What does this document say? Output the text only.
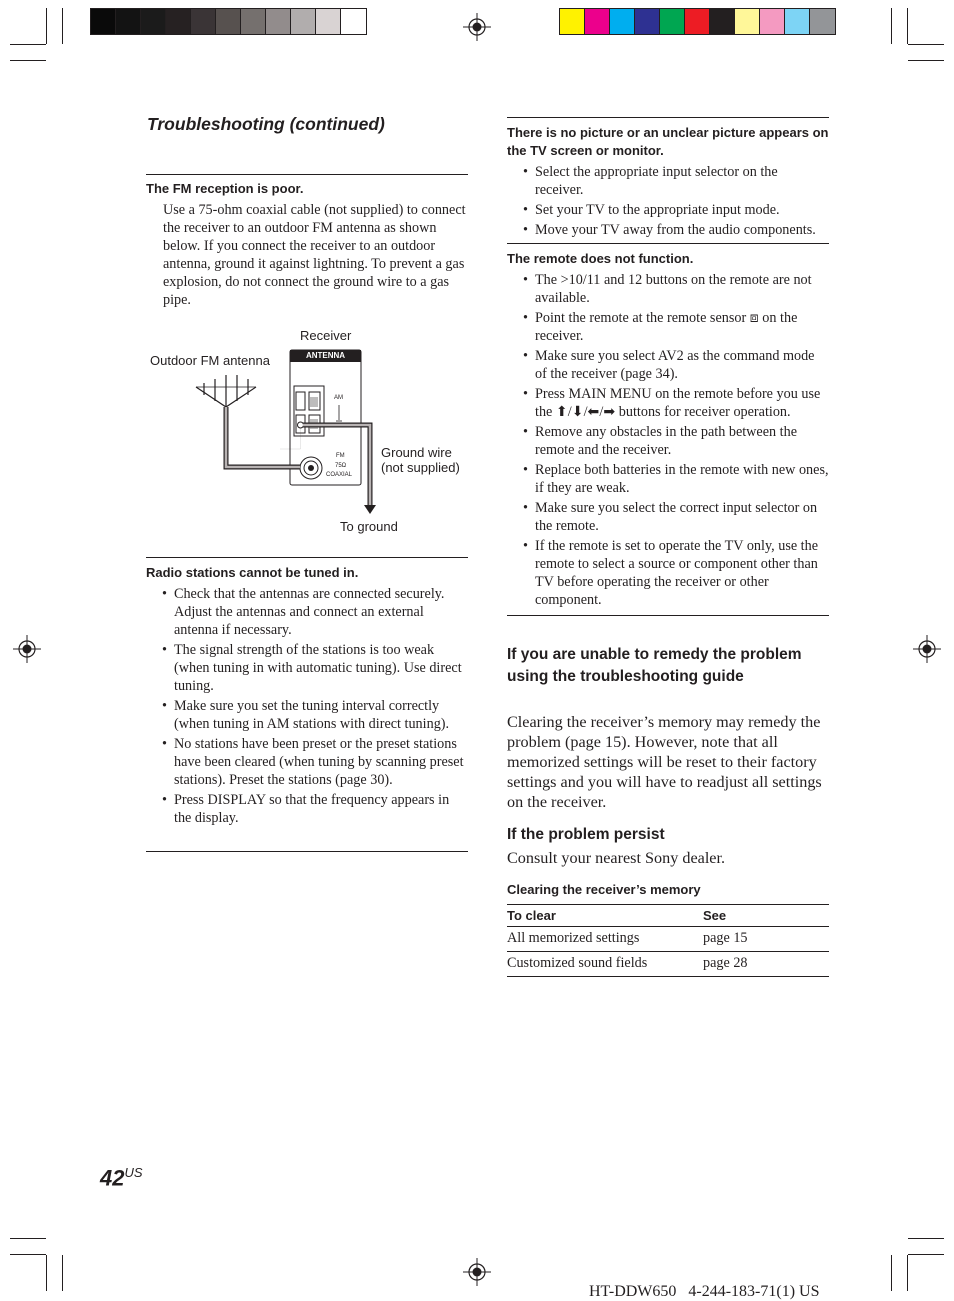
Troubleshooting (continued)
The FM reception is poor.
Use a 75-ohm coaxial cable (not supplied) to connect the receiver to an outdoor FM antenna as shown below. If you connect the receiver to an outdoor antenna, ground it against lightning. To prevent a gas explosion, do not connect the ground wire to a gas pipe.
Receiver
Outdoor FM antenna
Ground wire
(not supplied)
To ground
ANTENNA
AM
FM
75Ω
COAXIAL
Radio stations cannot be tuned in.
• Check that the antennas are connected securely. Adjust the antennas and connect an external antenna if necessary.
• The signal strength of the stations is too weak (when tuning in with automatic tuning). Use direct tuning.
• Make sure you set the tuning interval correctly (when tuning in AM stations with direct tuning).
• No stations have been preset or the preset stations have been cleared (when tuning by scanning preset stations). Preset the stations (page 30).
• Press DISPLAY so that the frequency appears in the display.
There is no picture or an unclear picture appears on the TV screen or monitor.
• Select the appropriate input selector on the receiver.
• Set your TV to the appropriate input mode.
• Move your TV away from the audio components.
The remote does not function.
• The >10/11 and 12 buttons on the remote are not available.
• Point the remote at the remote sensor ⧈ on the receiver.
• Make sure you select AV2 as the command mode of the receiver (page 34).
• Press MAIN MENU on the remote before you use the ⬆/⬇/⬅/➡ buttons for receiver operation.
• Remove any obstacles in the path between the remote and the receiver.
• Replace both batteries in the remote with new ones, if they are weak.
• Make sure you select the correct input selector on the remote.
• If the remote is set to operate the TV only, use the remote to select a source or component other than TV before operating the receiver or other component.
If you are unable to remedy the problem using the troubleshooting guide
Clearing the receiver’s memory may remedy the problem (page 15). However, note that all memorized settings will be reset to their factory settings and you will have to readjust all settings on the receiver.
If the problem persist
Consult your nearest Sony dealer.
Clearing the receiver’s memory
To clear	See
All memorized settings	page 15
Customized sound fields	page 28
$42^{US}$
HT-DDW650   4-244-183-71(1) US
